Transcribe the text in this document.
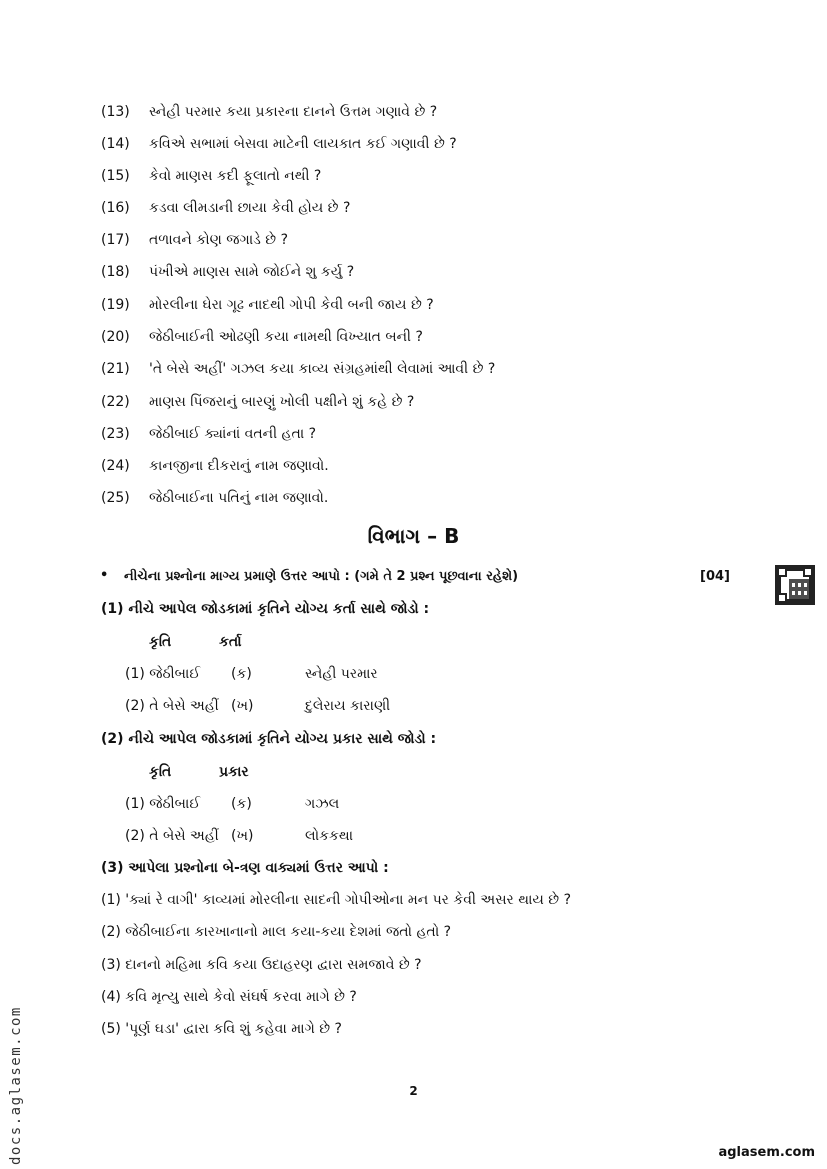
(13) સ્નેહી પરમાર કયા પ્રકારના દાનને ઉત્તમ ગણાવે છે ?
(14) કવિએ સભામાં બેસવા માટેની લાયકાત કઈ ગણાવી છે ?
(15) કેવો માણસ કદી ફૂલાતો નથી ?
(16) કડવા લીમડાની છાયા કેવી હોય છે ?
(17) તળાવને કોણ જગાડે છે ?
(18) પંખીએ માણસ સામે જોઈને શુ કર્યુ ?
(19) મોરલીના ઘેરા ગૂઢ નાદથી ગોપી કેવી બની જાય છે ?
(20) જેઠીબાઈની ઓઢણી કયા નામથી વિખ્યાત બની ?
(21) 'તે બેસે અહીં' ગઝલ કયા કાવ્ય સંગ્રહમાંથી લેવામાં આવી છે ?
(22) માણસ પિંજરાનું બારણું ખોલી પક્ષીને શું કહે છે ?
(23) જેઠીબાઈ ક્યાંનાં વતની હતા ?
(24) કાનજીના દીકરાનું નામ જણાવો.
(25) જેઠીબાઈના પતિનું નામ જણાવો.
વિભાગ – B
• નીચેના પ્રશ્નોના માગ્ય પ્રમાણે ઉત્તર આપો : (ગમે તે 2 પ્રશ્ન પૂછવાના રહેશે)	[04]
(1) નીચે આપેલ જોડકામાં કૃતિને યોગ્ય કર્તા સાથે જોડો :
કૃતિ	કર્તા
(1) જેઠીબાઈ (ક)	સ્નેહી પરમાર
(2) તે બેસે અહીં (ખ)	દુલેરાય કારાણી
(2) નીચે આપેલ જોડકામાં કૃતિને યોગ્ય પ્રકાર સાથે જોડો :
કૃતિ	પ્રકાર
(1) જેઠીબાઈ (ક)	ગઝલ
(2) તે બેસે અહીં (ખ)	લોકકથા
(3) આપેલા પ્રશ્નોના બે-ત્રણ વાક્યમાં ઉત્તર આપો :
(1) 'ક્યાં રે વાગી' કાવ્યમાં મોરલીના સાદની ગોપીઓના મન પર કેવી અસર થાય છે ?
(2) જેઠીબાઈના કારખાનાનો માલ કયા-કયા દેશમાં જતો હતો ?
(3) દાનનો મહિમા કવિ કયા ઉદાહરણ દ્વારા સમજાવે છે ?
(4) કવિ મૃત્યુ સાથે કેવો સંઘર્ષ કરવા માગે છે ?
(5) 'પૂર્ણ ઘડા' દ્વારા કવિ શું કહેવા માગે છે ?
2
aglasem.com
docs.aglasem.com
